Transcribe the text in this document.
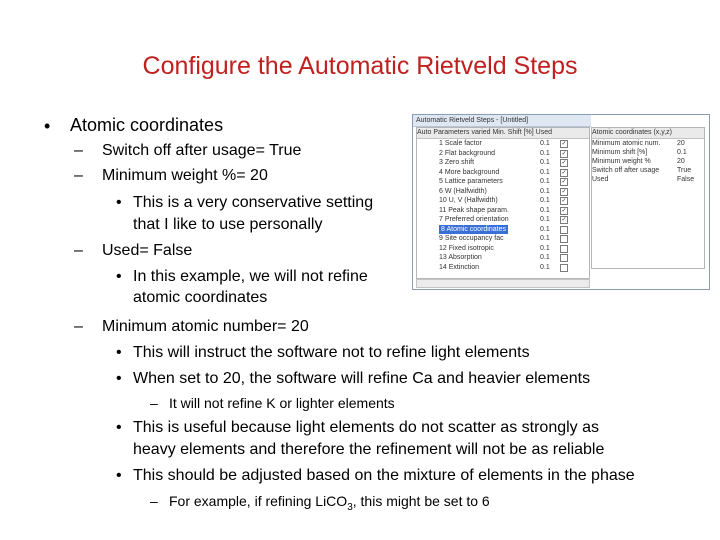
Configure the Automatic Rietveld Steps
• Atomic coordinates
– Switch off after usage= True
– Minimum weight %= 20
• This is a very conservative setting
that I like to use personally
– Used= False
• In this example, we will not refine
atomic coordinates
– Minimum atomic number= 20
• This will instruct the software not to refine light elements
• When set to 20, the software will refine Ca and heavier elements
– It will not refine K or lighter elements
• This is useful because light elements do not scatter as strongly as
heavy elements and therefore the refinement will not be as reliable
• This should be adjusted based on the mixture of elements in the phase
– For example, if refining LiCO$_3$, this might be set to 6
Automatic Rietveld Steps - [Untitled]
Auto Parameters varied Min. Shift [%] Used
1 Scale factor	0.1 ✓
2 Flat background	0.1 ✓
3 Zero shift	0.1 ✓
4 More background	0.1 ✓
5 Lattice parameters	0.1 ✓
6 W (Halfwidth)	0.1 ✓
10 U, V (Halfwidth)	0.1 ✓
11 Peak shape param.	0.1 ✓
7 Preferred orientation	0.1 ✓
8 Atomic coordinates	0.1
9 Site occupancy fac	0.1
12 Fixed isotropic	0.1
13 Absorption	0.1
14 Extinction	0.1
Atomic coordinates (x,y,z)
Minimum atomic num. 20
Minimum shift [%]	0.1
Minimum weight %	20
Switch off after usage	True
Used	False
